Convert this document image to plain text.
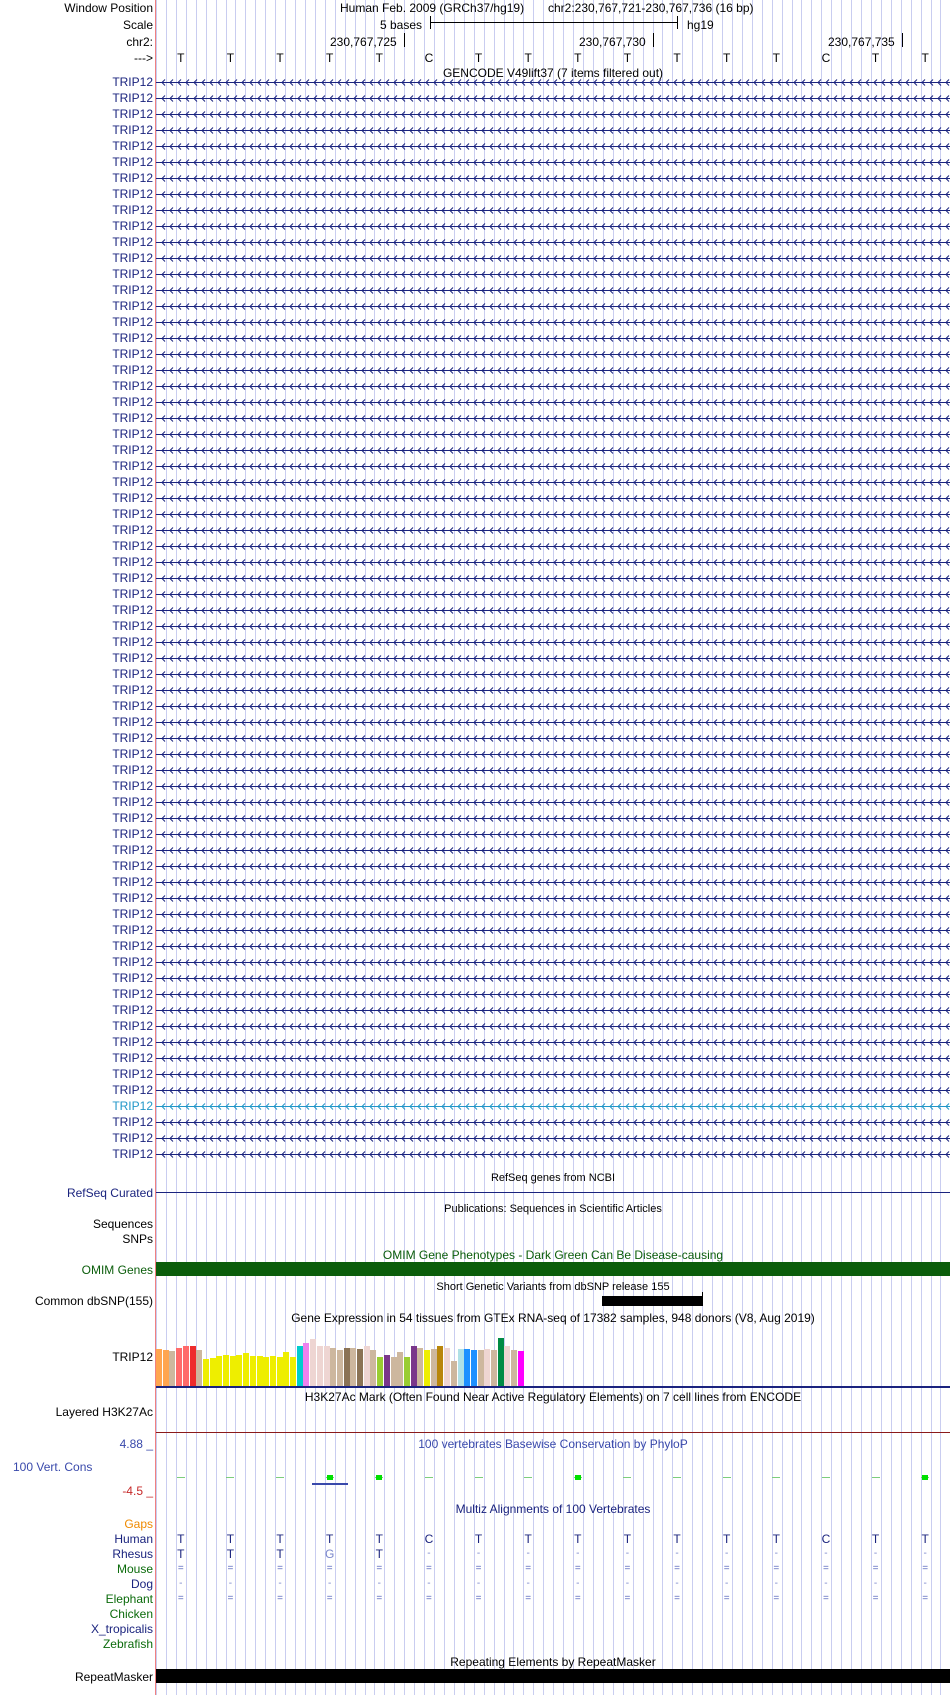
Window Position	Human Feb. 2009 (GRCh37/hg19) chr2:230,767,721-230,767,736 (16 bp)
Scale	5 bases	hg19
chr2:	230,767,725	230,767,730	230,767,735
--->
GENCODE V49lift37 (7 items filtered out)
RefSeq genes from NCBI
RefSeq Curated
Publications: Sequences in Scientific Articles
Sequences
SNPs
OMIM Gene Phenotypes - Dark Green Can Be Disease-causing
OMIM Genes
Short Genetic Variants from dbSNP release 155
Common dbSNP(155)
Gene Expression in 54 tissues from GTEx RNA-seq of 17382 samples, 948 donors (V8, Aug 2019)
TRIP12
H3K27Ac Mark (Often Found Near Active Regulatory Elements) on 7 cell lines from ENCODE
Layered H3K27Ac
100 vertebrates Basewise Conservation by PhyloP
4.88 _
100 Vert. Cons
-4.5 _
Multiz Alignments of 100 Vertebrates
Gaps
Repeating Elements by RepeatMasker
RepeatMasker
T	T	T	T	T	C	T	T	T	T	T	T	T	C	T	T
TRIP12
TRIP12
TRIP12
TRIP12
TRIP12
TRIP12
TRIP12
TRIP12
TRIP12
TRIP12
TRIP12
TRIP12
TRIP12
TRIP12
TRIP12
TRIP12
TRIP12
TRIP12
TRIP12
TRIP12
TRIP12
TRIP12
TRIP12
TRIP12
TRIP12
TRIP12
TRIP12
TRIP12
TRIP12
TRIP12
TRIP12
TRIP12
TRIP12
TRIP12
TRIP12
TRIP12
TRIP12
TRIP12
TRIP12
TRIP12
TRIP12
TRIP12
TRIP12
TRIP12
TRIP12
TRIP12
TRIP12
TRIP12
TRIP12
TRIP12
TRIP12
TRIP12
TRIP12
TRIP12
TRIP12
TRIP12
TRIP12
TRIP12
TRIP12
TRIP12
TRIP12
TRIP12
TRIP12
TRIP12
TRIP12
TRIP12
TRIP12
TRIP12
Human	T	T	T	T	T	C	T	T	T	T	T	T	T	C	T	T
Rhesus	T	T	T	G	T	-	-	-	-	-	-	-	-	-	-	-
Mouse	=	=	=	=	=	=	=	=	=	=	=	=	=	=	=	=
Dog	-	-	-	-	-	-	-	-	-	-	-	-	-	-	-	-
Elephant	=	=	=	=	=	=	=	=	=	=	=	=	=	=	=	=
Chicken
X_tropicalis
Zebrafish
